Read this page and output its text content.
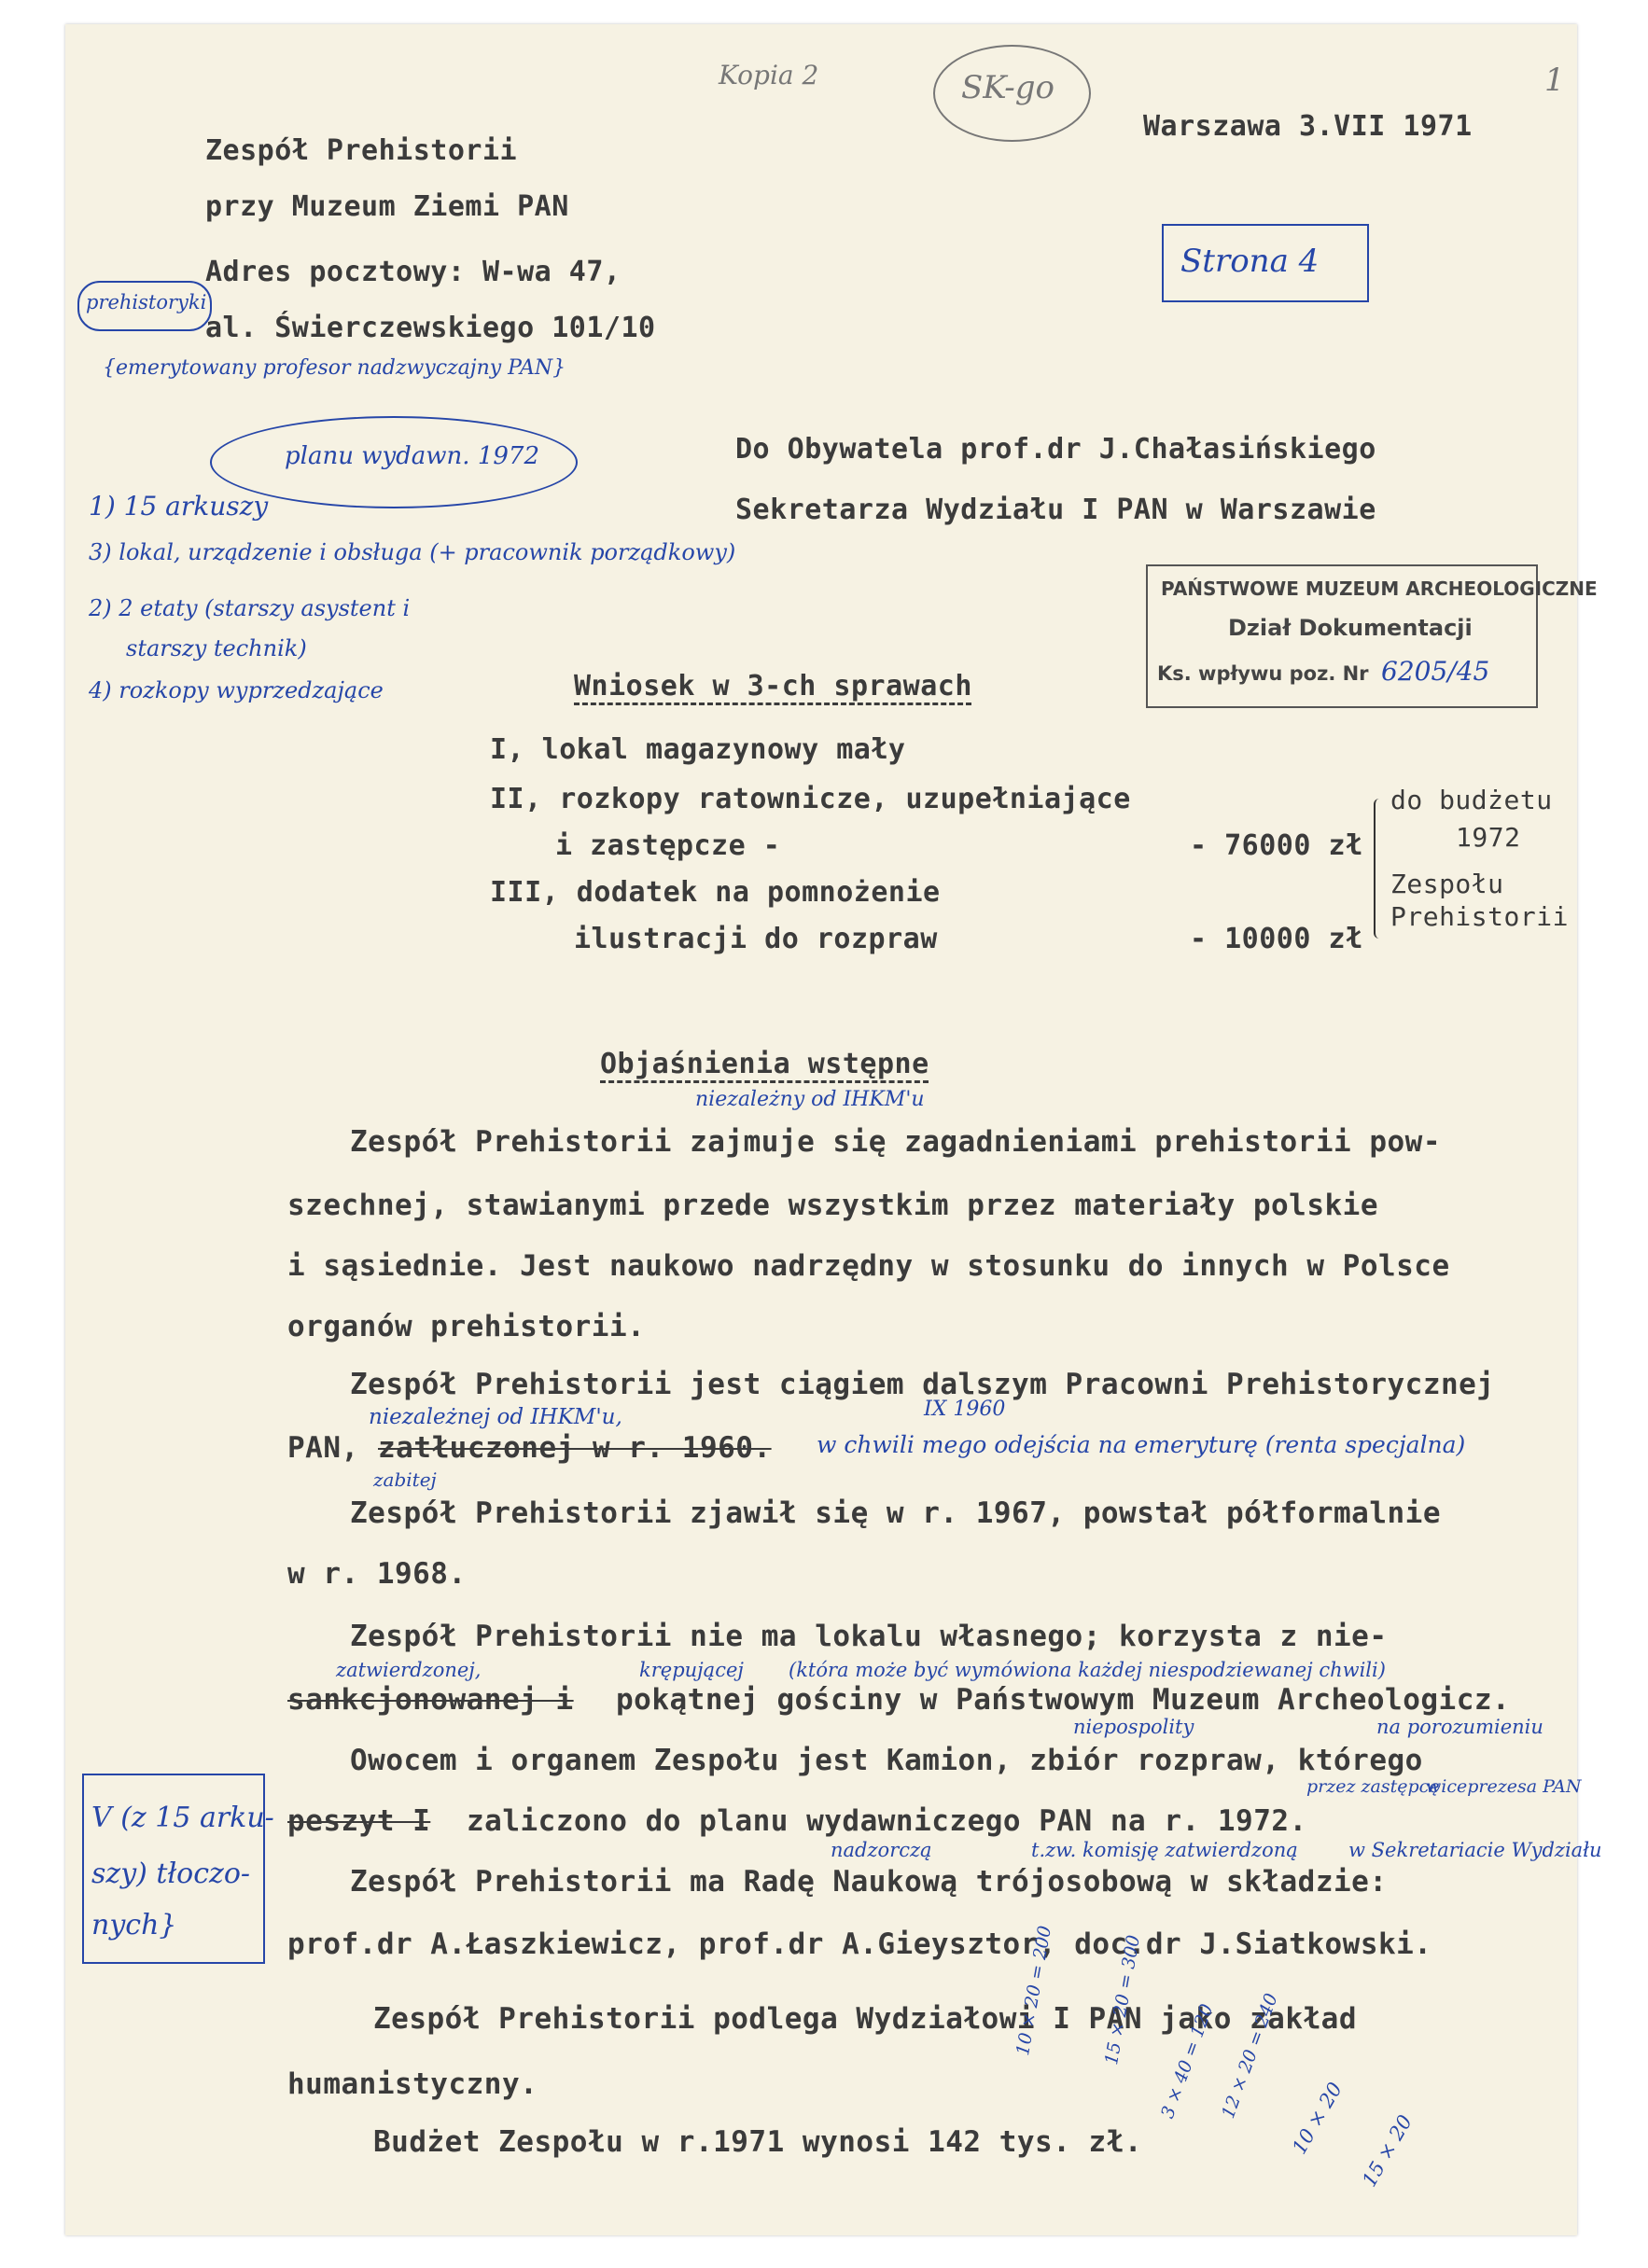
Kopia 2	SK-go	1
Warszawa 3.VII 1971
Zespół Prehistorii
przy Muzeum Ziemi PAN
Adres pocztowy: W-wa 47,
al. Świerczewskiego 101/10
Strona 4
prehistoryki
{emerytowany profesor nadzwyczajny PAN}
planu wydawn. 1972
1) 15 arkuszy
3) lokal, urządzenie i obsługa (+ pracownik porządkowy)
2) 2 etaty (starszy asystent i
starszy technik)
4) rozkopy wyprzedzające
Do Obywatela prof.dr J.Chałasińskiego
Sekretarza Wydziału I PAN w Warszawie
PAŃSTWOWE MUZEUM ARCHEOLOGICZNE
Dział Dokumentacji
Ks. wpływu poz. Nr 6205/45
Wniosek w 3-ch sprawach
I, lokal magazynowy mały
II, rozkopy ratownicze, uzupełniające
i zastępcze -	- 76000 zł
III, dodatek na pomnożenie
ilustracji do rozpraw	- 10000 zł
do budżetu
1972
Zespołu
Prehistorii
Objaśnienia wstępne
niezależny od IHKM'u
Zespół Prehistorii zajmuje się zagadnieniami prehistorii pow-
szechnej, stawianymi przede wszystkim przez materiały polskie
i sąsiednie. Jest naukowo nadrzędny w stosunku do innych w Polsce
organów prehistorii.
Zespół Prehistorii jest ciągiem dalszym Pracowni Prehistorycznej
niezależnej od IHKM'u,	IX 1960
PAN, zatłuczonej w r. 1960. w chwili mego odejścia na emeryturę (renta specjalna)
zabitej
Zespół Prehistorii zjawił się w r. 1967, powstał półformalnie
w r. 1968.
Zespół Prehistorii nie ma lokalu własnego; korzysta z nie-
zatwierdzonej,	krępującej (która może być wymówiona każdej niespodziewanej chwili)
sankcjonowanej i pokątnej gościny w Państwowym Muzeum Archeologicz.
niepospolity	na porozumieniu
Owocem i organem Zespołu jest Kamion, zbiór rozpraw, którego
przez zastępcę
wiceprezesa PAN
peszyt I zaliczono do planu wydawniczego PAN na r. 1972.
nadzorczą	t.zw. komisję zatwierdzoną	w Sekretariacie Wydziału
Zespół Prehistorii ma Radę Naukową trójosobową w składzie:
prof.dr A.Łaszkiewicz, prof.dr A.Gieysztor, doc.dr J.Siatkowski.
Zespół Prehistorii podlega Wydziałowi I PAN jako zakład
humanistyczny.
Budżet Zespołu w r.1971 wynosi 142 tys. zł.
V (z 15 arku-
szy) tłoczo-
nych}	10 × 20 = 200	15 × 20 = 300 3 × 40 = 120 12 × 20 = 240 10 × 20 15 × 20
